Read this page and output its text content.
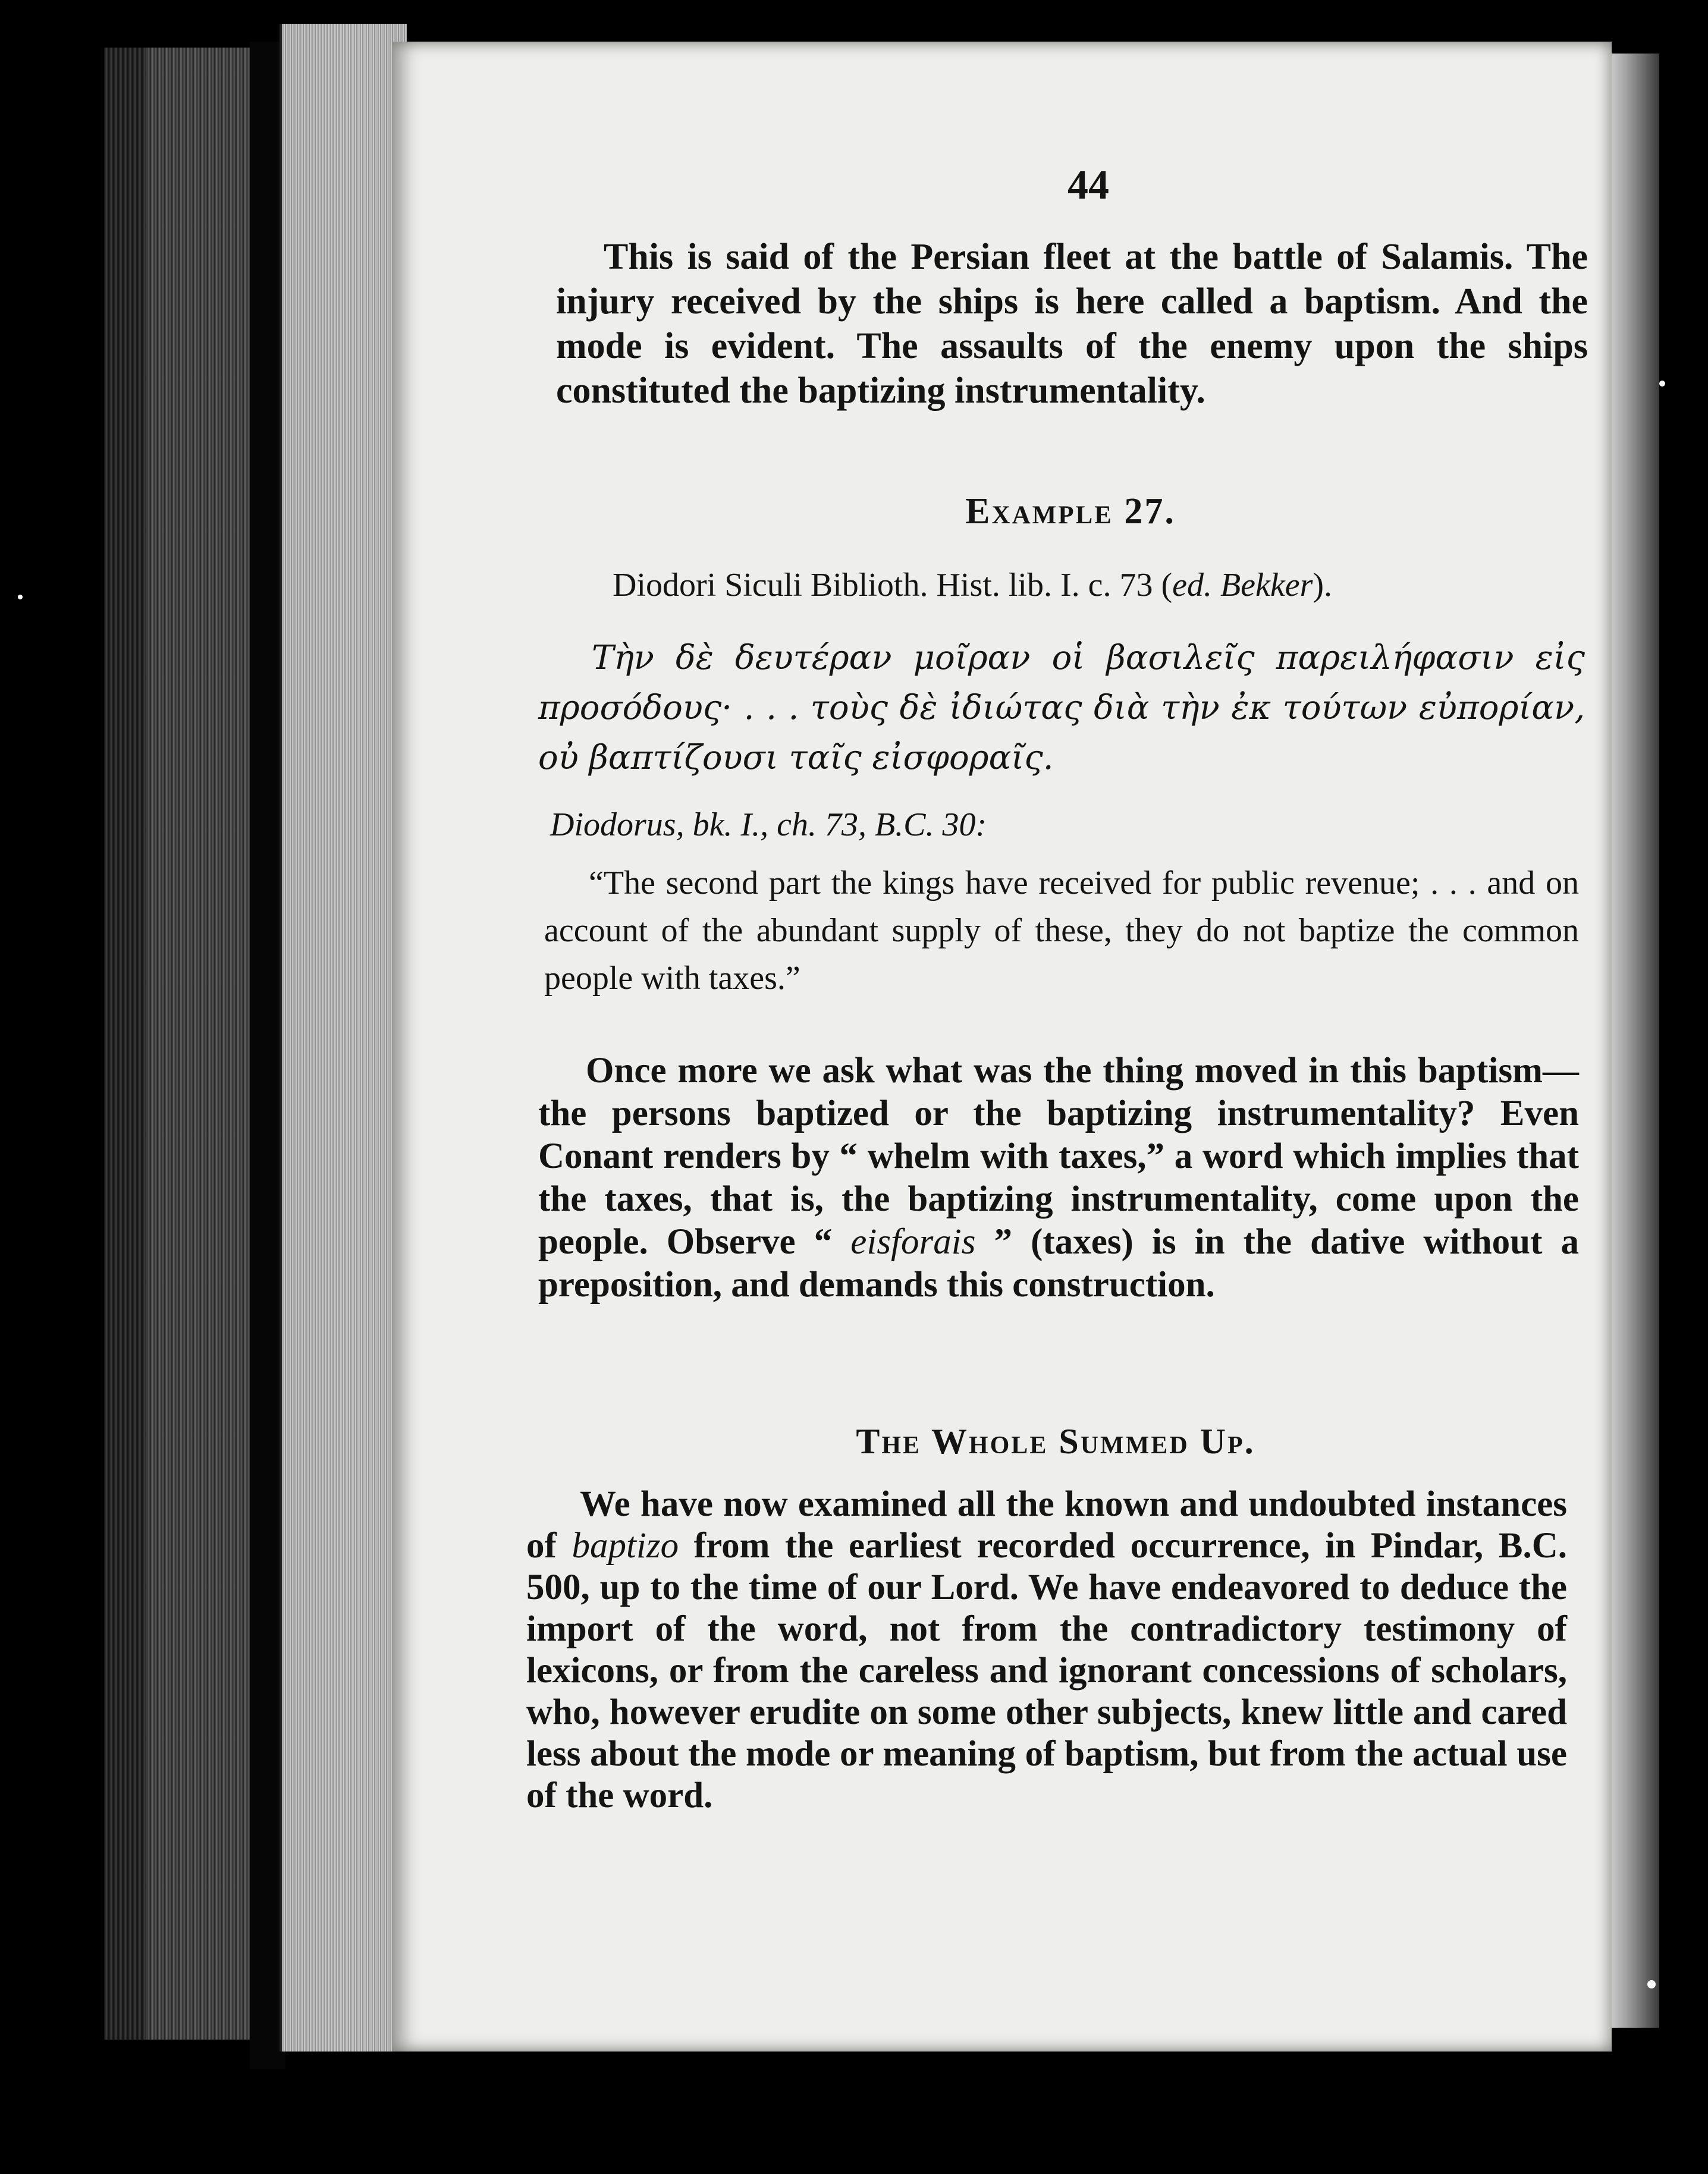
44

This is said of the Persian fleet at the battle of Salamis. The injury received by the ships is here called a baptism. And the mode is evident. The assaults of the enemy upon the ships constituted the baptizing instrumentality.

Example 27.

Diodori Siculi Biblioth. Hist. lib. I. c. 73 (ed. Bekker).

Τὴν δὲ δευτέραν μοῖραν οἱ βασιλεῖς παρειλήφασιν εἰς προσόδους· . . . τοὺς δὲ ἰδιώτας διὰ τὴν ἐκ τούτων εὐπορίαν, οὐ βαπτίζουσι ταῖς εἰσφοραῖς.

Diodorus, bk. I., ch. 73, B.C. 30:

“The second part the kings have received for public revenue; . . . and on account of the abundant supply of these, they do not baptize the common people with taxes.”

Once more we ask what was the thing moved in this baptism—the persons baptized or the baptizing instrumentality? Even Conant renders by “ whelm with taxes,” a word which implies that the taxes, that is, the baptizing instrumentality, come upon the people. Observe “ eisforais ” (taxes) is in the dative without a preposition, and demands this construction.

The Whole Summed Up.

We have now examined all the known and undoubted instances of baptizo from the earliest recorded occurrence, in Pindar, B.C. 500, up to the time of our Lord. We have endeavored to deduce the import of the word, not from the contradictory testimony of lexicons, or from the careless and ignorant concessions of scholars, who, however erudite on some other subjects, knew little and cared less about the mode or meaning of baptism, but from the actual use of the word.
